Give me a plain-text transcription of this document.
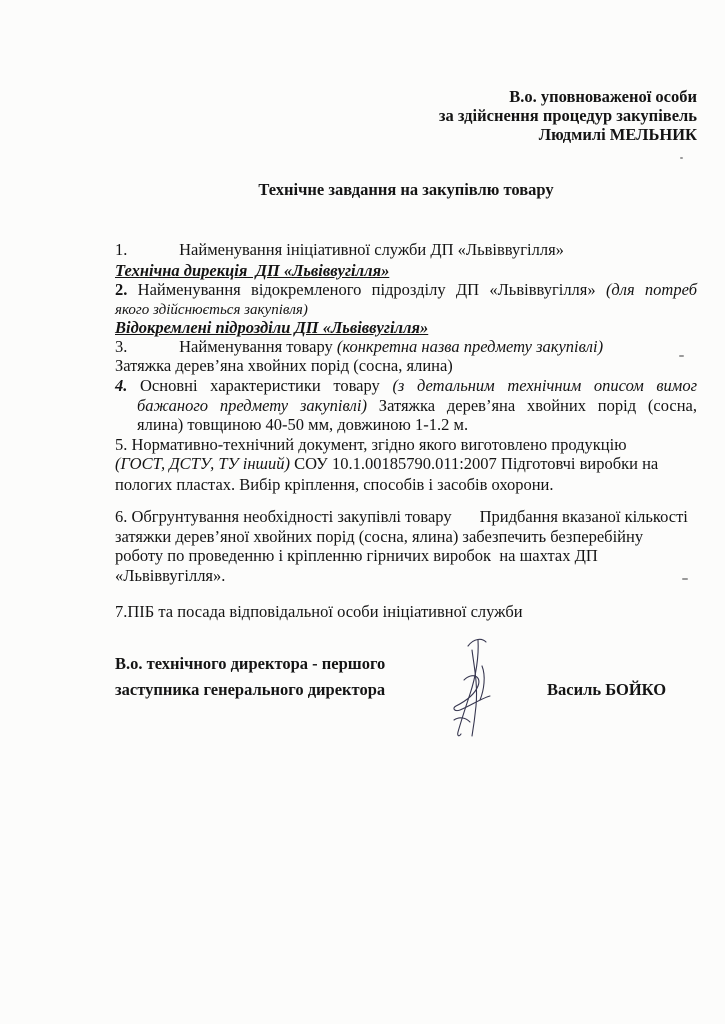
В.о. уповноваженої особи
за здійснення процедур закупівель
Людмилі МЕЛЬНИК
Технічне завдання на закупівлю товару
1.	Найменування ініціативної служби ДП «Львіввугілля»
Технічна дирекція  ДП «Львіввугілля»
2. Найменування відокремленого підрозділу ДП «Львіввугілля» (для потреб
якого здійснюється закупівля)
Відокремлені підрозділи ДП «Львіввугілля»
3.	Найменування товару (конкретна назва предмету закупівлі)
Затяжка дерев’яна хвойних порід (сосна, ялина)
4. Основні характеристики товару (з детальним технічним описом вимог
бажаного предмету закупівлі) Затяжка дерев’яна хвойних порід (сосна,
ялина) товщиною 40-50 мм, довжиною 1-1.2 м.
5. Нормативно-технічний документ, згідно якого виготовлено продукцію
(ГОСТ, ДСТУ, ТУ інший) СОУ 10.1.00185790.011:2007 Підготовчі виробки на
пологих пластах. Вибір кріплення, способів і засобів охорони.
6. Обгрунтування необхідності закупівлі товару Придбання вказаної кількості
затяжки дерев’яної хвойних порід (сосна, ялина) забезпечить безперебійну
роботу по проведенню і кріпленню гірничих виробок  на шахтах ДП
«Львіввугілля».
7.ПІБ та посада відповідальної особи ініціативної служби
В.о. технічного директора - першого
заступника генерального директора	Василь БОЙКО
